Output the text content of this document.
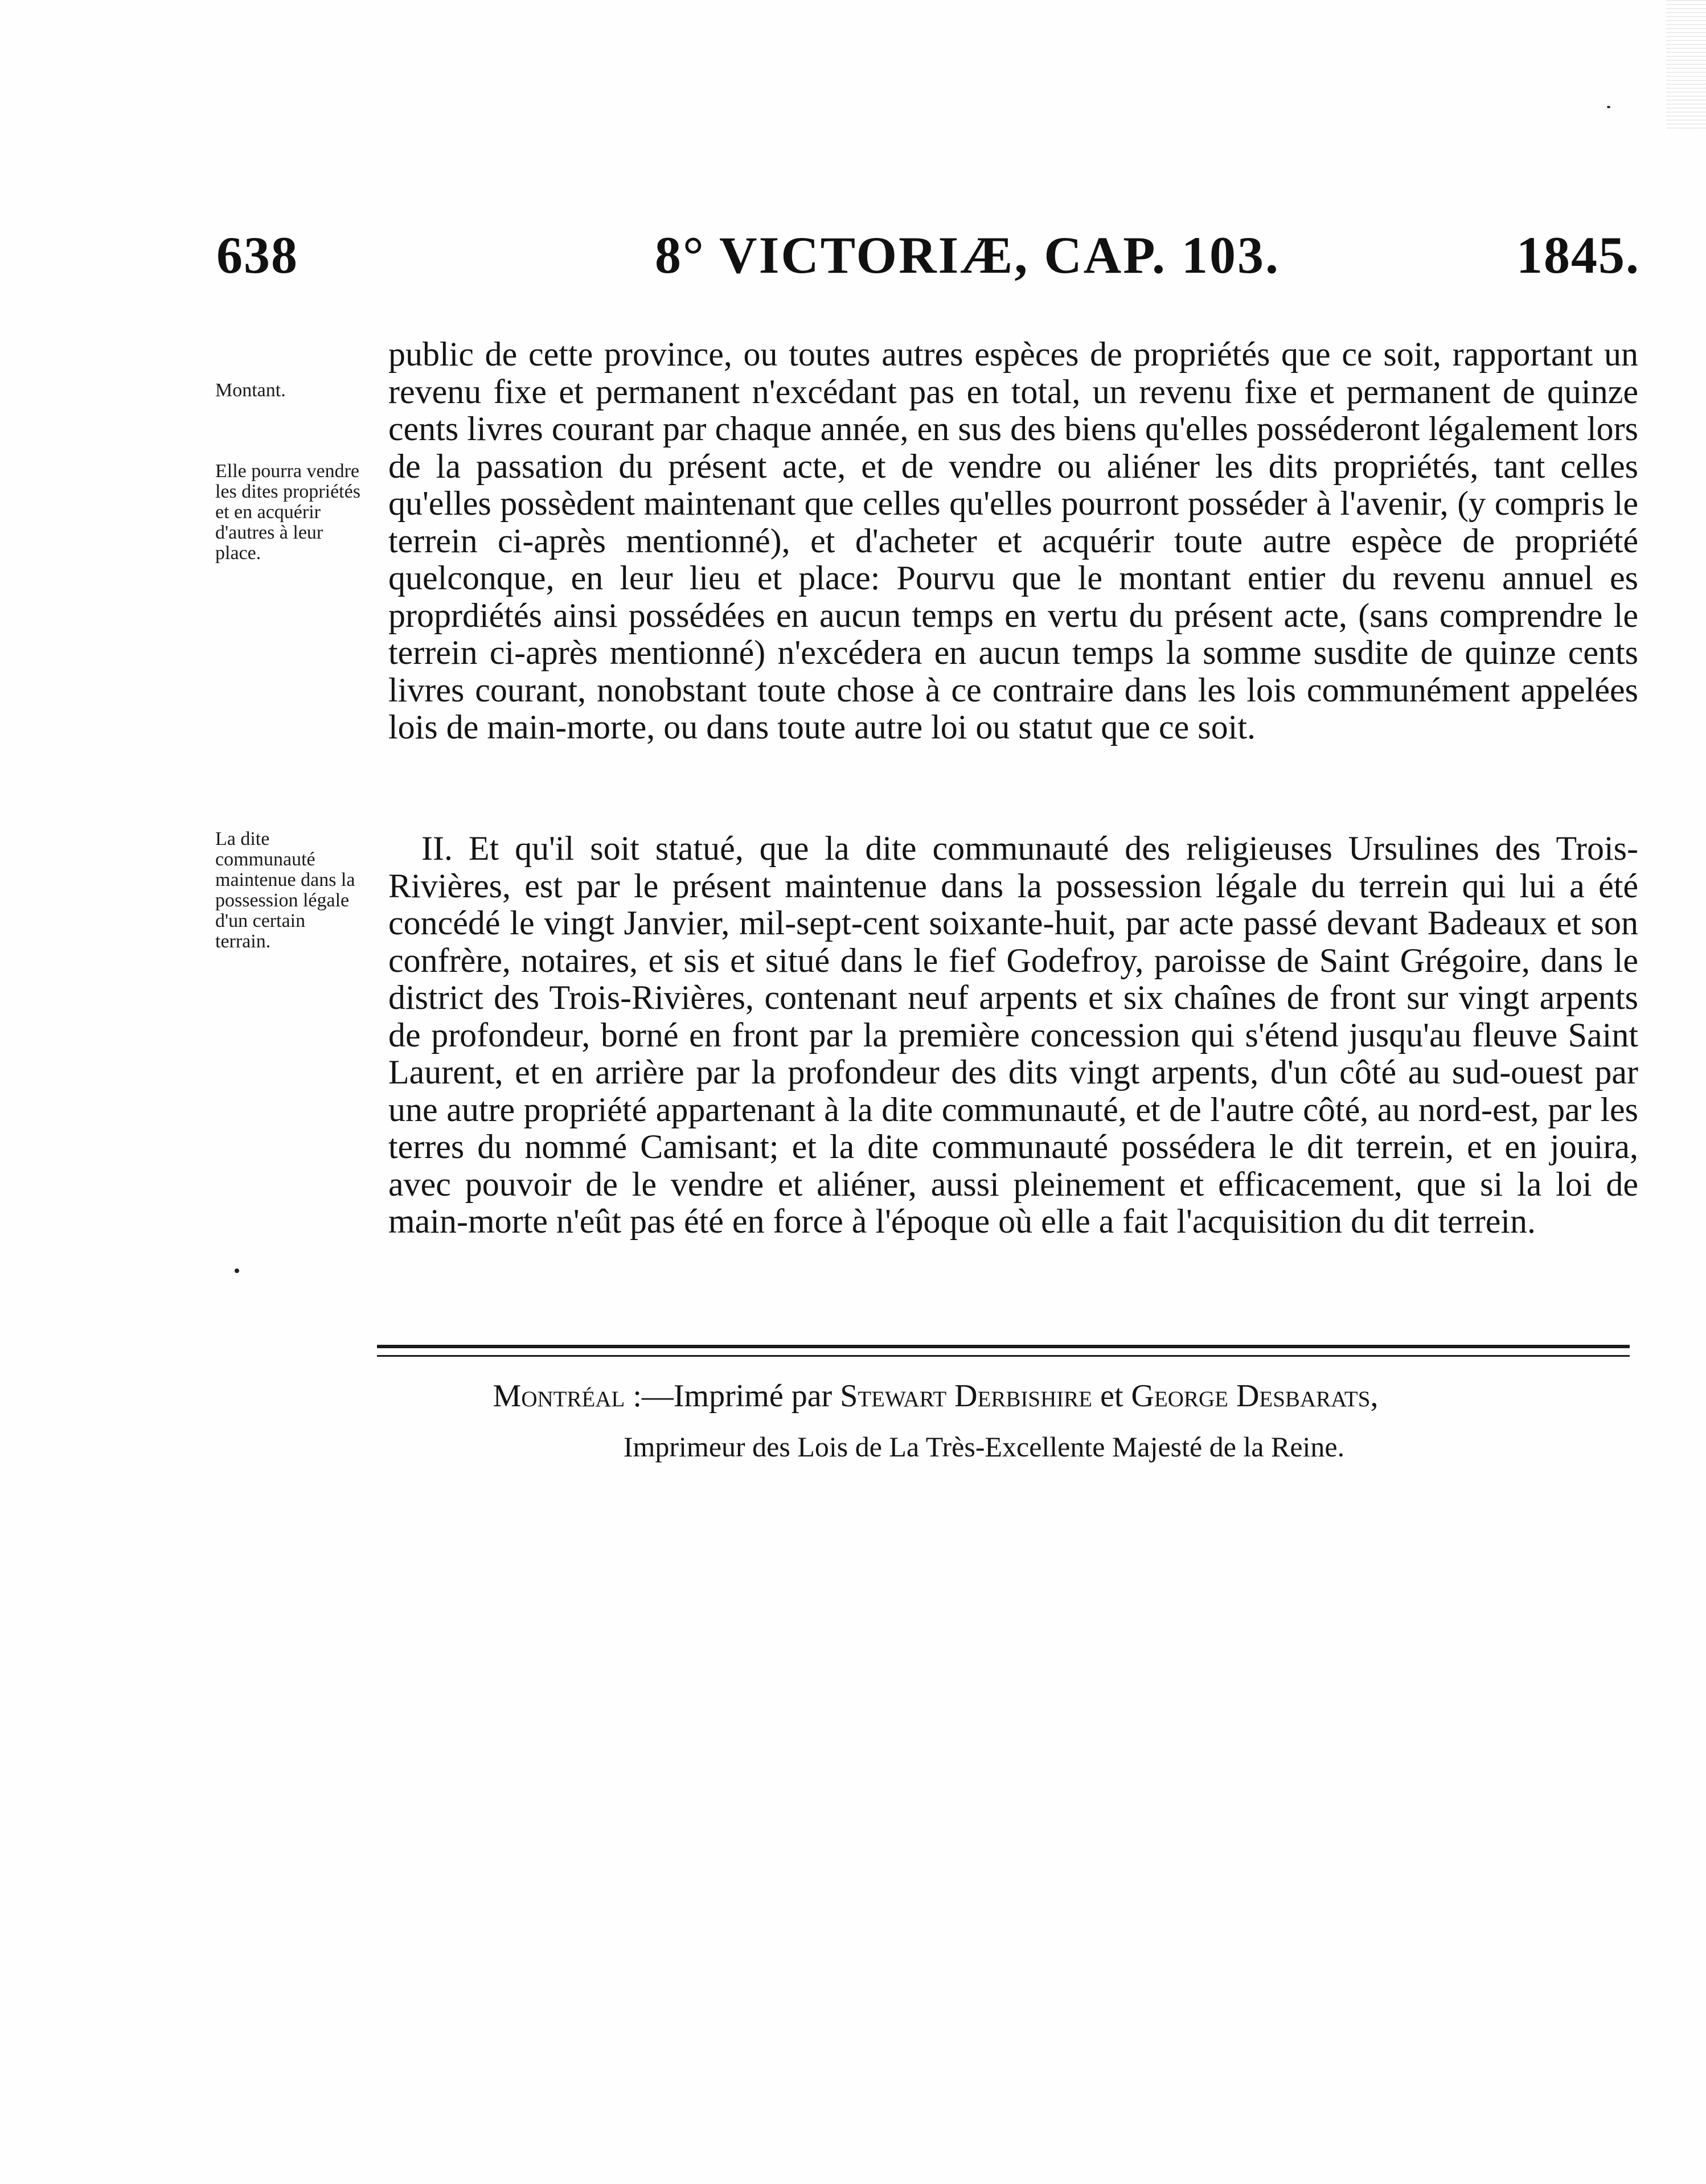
638	8° VICTORIÆ, CAP. 103.	1845.
Montant.
Elle pourra vendre les dites propriétés et en acquérir d'autres à leur place.
La dite communauté maintenue dans la possession légale d'un certain terrain.

public de cette province, ou toutes autres espèces de propriétés que ce soit, rapportant un revenu fixe et permanent n'excédant pas en total, un revenu fixe et permanent de quinze cents livres courant par chaque année, en sus des biens qu'elles posséderont légalement lors de la passation du présent acte, et de vendre ou aliéner les dits propriétés, tant celles qu'elles possèdent maintenant que celles qu'elles pourront posséder à l'avenir, (y compris le terrein ci-après mentionné), et d'acheter et acquérir toute autre espèce de propriété quelconque, en leur lieu et place: Pourvu que le montant entier du revenu annuel es proprdiétés ainsi possédées en aucun temps en vertu du présent acte, (sans comprendre le terrein ci-après mentionné) n'excédera en aucun temps la somme susdite de quinze cents livres courant, nonobstant toute chose à ce contraire dans les lois communément appelées lois de main-morte, ou dans toute autre loi ou statut que ce soit.

II. Et qu'il soit statué, que la dite communauté des religieuses Ursulines des Trois-Rivières, est par le présent maintenue dans la possession légale du terrein qui lui a été concédé le vingt Janvier, mil-sept-cent soixante-huit, par acte passé devant Badeaux et son confrère, notaires, et sis et situé dans le fief Godefroy, paroisse de Saint Grégoire, dans le district des Trois-Rivières, contenant neuf arpents et six chaînes de front sur vingt arpents de profondeur, borné en front par la première concession qui s'étend jusqu'au fleuve Saint Laurent, et en arrière par la profondeur des dits vingt arpents, d'un côté au sud-ouest par une autre propriété appartenant à la dite communauté, et de l'autre côté, au nord-est, par les terres du nommé Camisant; et la dite communauté possédera le dit terrein, et en jouira, avec pouvoir de le vendre et aliéner, aussi pleinement et efficacement, que si la loi de main-morte n'eût pas été en force à l'époque où elle a fait l'acquisition du dit terrein.

Montréal :—Imprimé par Stewart Derbishire et George Desbarats,
Imprimeur des Lois de La Très-Excellente Majesté de la Reine.
